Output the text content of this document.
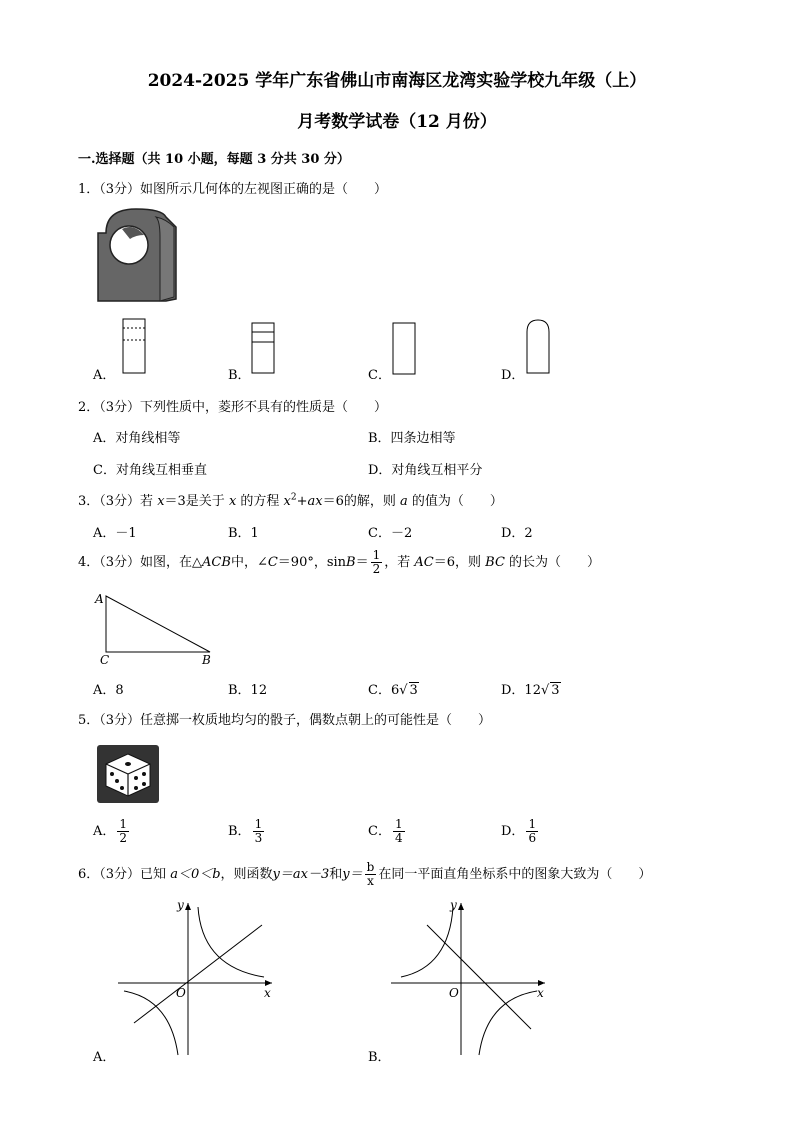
2024-2025 学年广东省佛山市南海区龙湾实验学校九年级（上）
月考数学试卷（12 月份）
一.选择题（共 10 小题，每题 3 分共 30 分）
1．（3分）如图所示几何体的左视图正确的是（　　）
A．	B．	C．	D．
2．（3分）下列性质中，菱形不具有的性质是（　　）
A．对角线相等	B．四条边相等
C．对角线互相垂直	D．对角线互相平分
3．（3分）若 x＝3是关于 x 的方程 $x^2+ax=6$的解，则 a 的值为（　　）
A．－1	B．1	C．－2	D．2
4．（3分）如图，在△ACB中，∠C＝90°，$\sin B= \frac{1}{2}$ ，若 AC＝6，则 BC 的长为（　　）
A
C	B
A．8	B．12	C．6√ 3	D．12√ 3
5．（3分）任意掷一枚质地均匀的骰子，偶数点朝上的可能性是（　　）
A． $\frac{1}{2}$	B． $\frac{1}{3}$	C． $\frac{1}{4}$	D． $\frac{1}{6}$
6．（3分）已知 a＜0＜b，则函数y＝ax－3和$y= \frac{b}{x}$ 在同一平面直角坐标系中的图象大致为（　　）
x
y
O	x
y
O
A．	B．
